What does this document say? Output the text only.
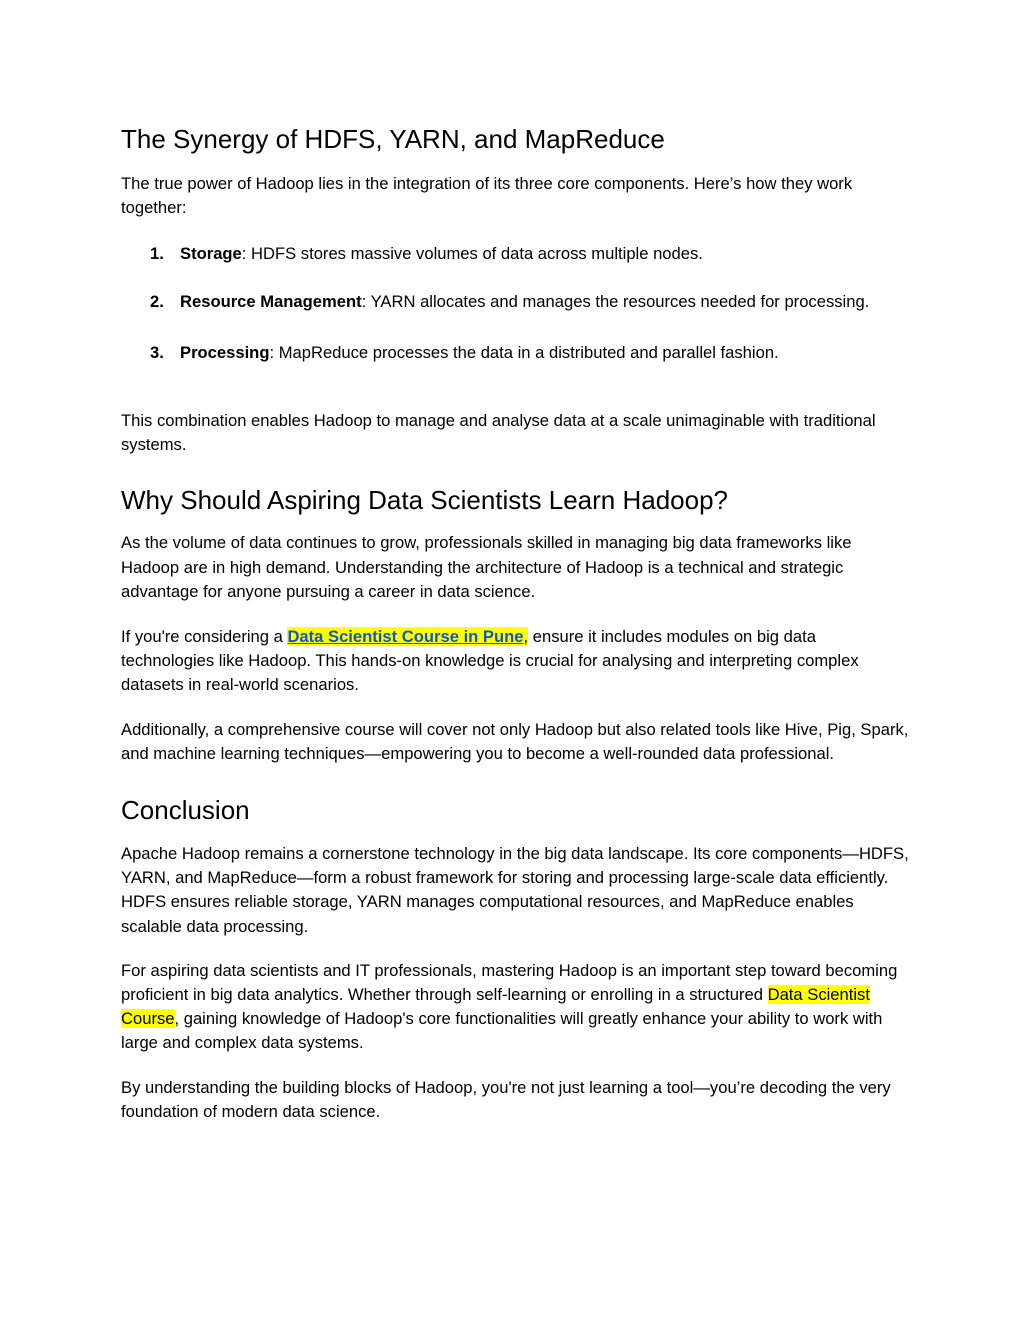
The Synergy of HDFS, YARN, and MapReduce

The true power of Hadoop lies in the integration of its three core components. Here’s how they work together:

1. Storage: HDFS stores massive volumes of data across multiple nodes.
2. Resource Management: YARN allocates and manages the resources needed for processing.
3. Processing: MapReduce processes the data in a distributed and parallel fashion.

This combination enables Hadoop to manage and analyse data at a scale unimaginable with traditional systems.

Why Should Aspiring Data Scientists Learn Hadoop?

As the volume of data continues to grow, professionals skilled in managing big data frameworks like Hadoop are in high demand. Understanding the architecture of Hadoop is a technical and strategic advantage for anyone pursuing a career in data science.

If you're considering a Data Scientist Course in Pune, ensure it includes modules on big data technologies like Hadoop. This hands-on knowledge is crucial for analysing and interpreting complex datasets in real-world scenarios.

Additionally, a comprehensive course will cover not only Hadoop but also related tools like Hive, Pig, Spark, and machine learning techniques—empowering you to become a well-rounded data professional.

Conclusion

Apache Hadoop remains a cornerstone technology in the big data landscape. Its core components—HDFS, YARN, and MapReduce—form a robust framework for storing and processing large-scale data efficiently. HDFS ensures reliable storage, YARN manages computational resources, and MapReduce enables scalable data processing.

For aspiring data scientists and IT professionals, mastering Hadoop is an important step toward becoming proficient in big data analytics. Whether through self-learning or enrolling in a structured Data Scientist Course, gaining knowledge of Hadoop's core functionalities will greatly enhance your ability to work with large and complex data systems.

By understanding the building blocks of Hadoop, you're not just learning a tool—you’re decoding the very foundation of modern data science.
